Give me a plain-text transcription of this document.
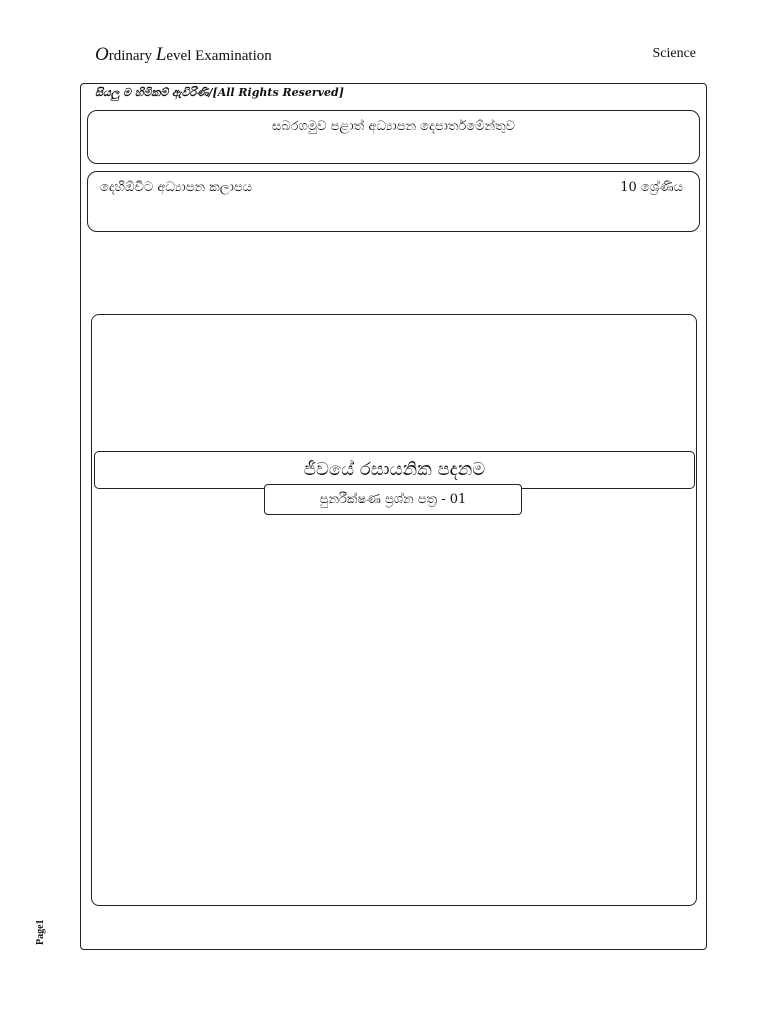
Ordinary Level Examination	Science
සියලු ම හිමිකම් ඇවිරිණි/[All Rights Reserved]
සබරගමුව පළාත් අධ්‍යාපන දෙපාර්තමේන්තුව
දෙහිඕවිට අධ්‍යාපන කලාපය	10 ශ්‍රේණිය
ජීවයේ රසායනික පදනම
පුනරීක්ෂණ ප්‍රශ්න පත්‍ර - 01
Page1
